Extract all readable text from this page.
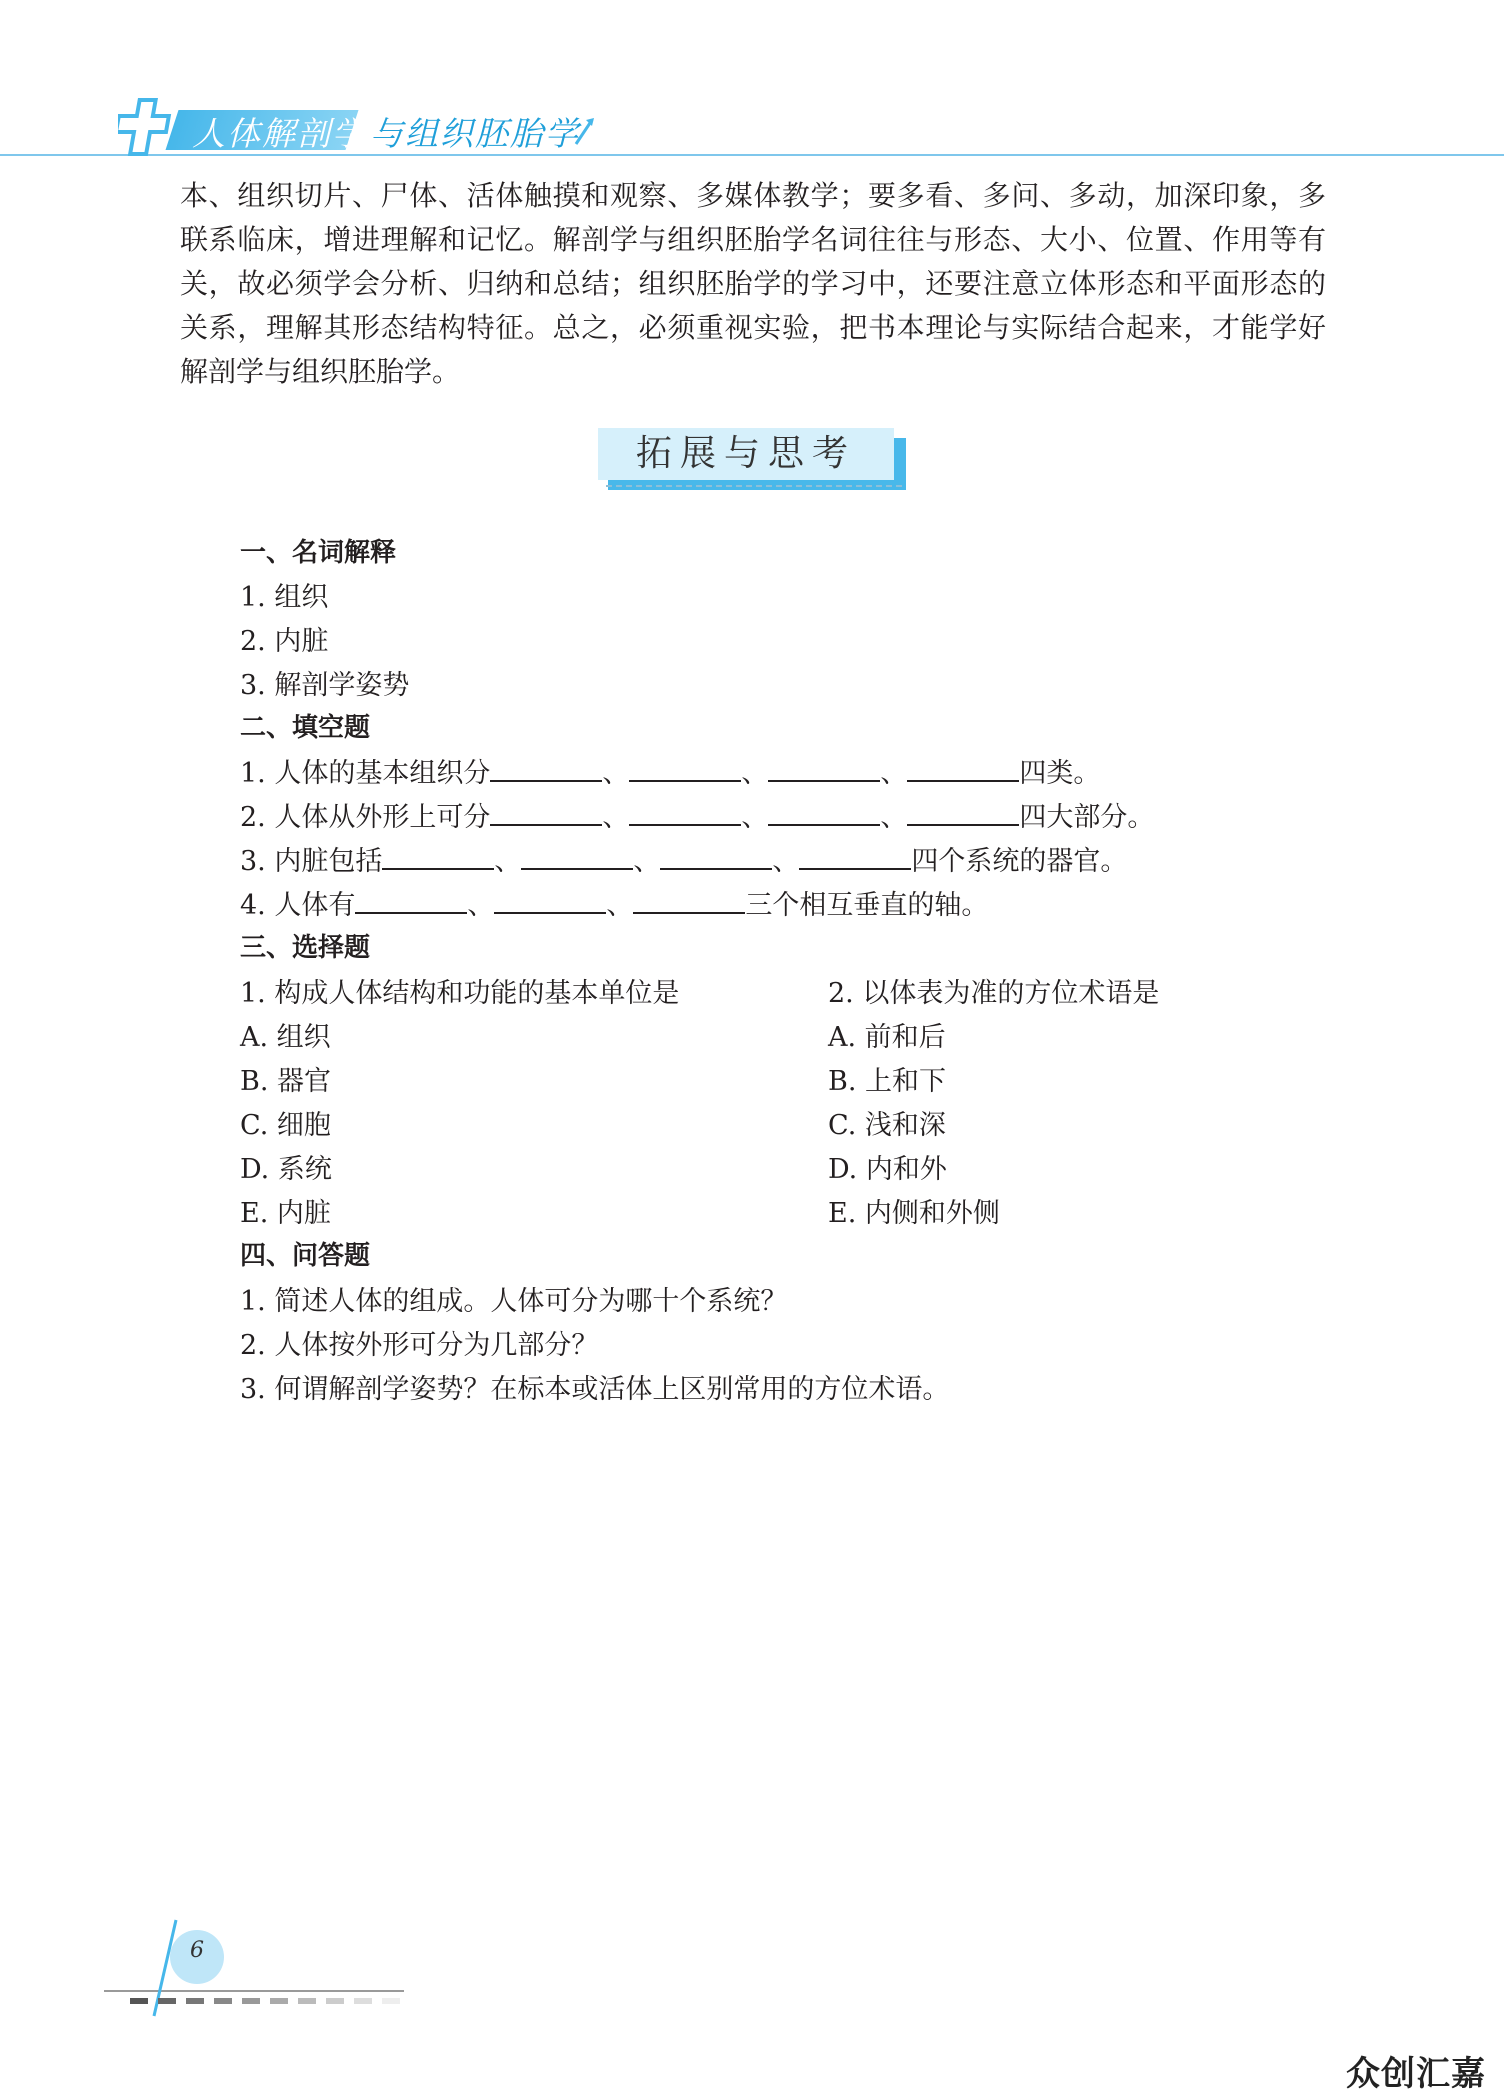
人体解剖学 与组织胚胎学

本、组织切片、尸体、活体触摸和观察、多媒体教学；要多看、多问、多动，加深印象，多联系临床，增进理解和记忆。解剖学与组织胚胎学名词往往与形态、大小、位置、作用等有关，故必须学会分析、归纳和总结；组织胚胎学的学习中，还要注意立体形态和平面形态的关系，理解其形态结构特征。总之，必须重视实验，把书本理论与实际结合起来，才能学好解剖学与组织胚胎学。

拓展与思考
一、名词解释
1. 组织
2. 内脏
3. 解剖学姿势
二、填空题
1. 人体的基本组织分	、	、	、	四类。
2. 人体从外形上可分	、	、	、	四大部分。
3. 内脏包括	、	、	、	四个系统的器官。
4. 人体有	、	、	三个相互垂直的轴。
三、选择题
1. 构成人体结构和功能的基本单位是
A. 组织
B. 器官
C. 细胞
D. 系统
E. 内脏
2. 以体表为准的方位术语是
A. 前和后
B. 上和下
C. 浅和深
D. 内和外
E. 内侧和外侧
四、问答题
1. 简述人体的组成。人体可分为哪十个系统？
2. 人体按外形可分为几部分？
3. 何谓解剖学姿势？在标本或活体上区别常用的方位术语。
6
众创汇嘉
